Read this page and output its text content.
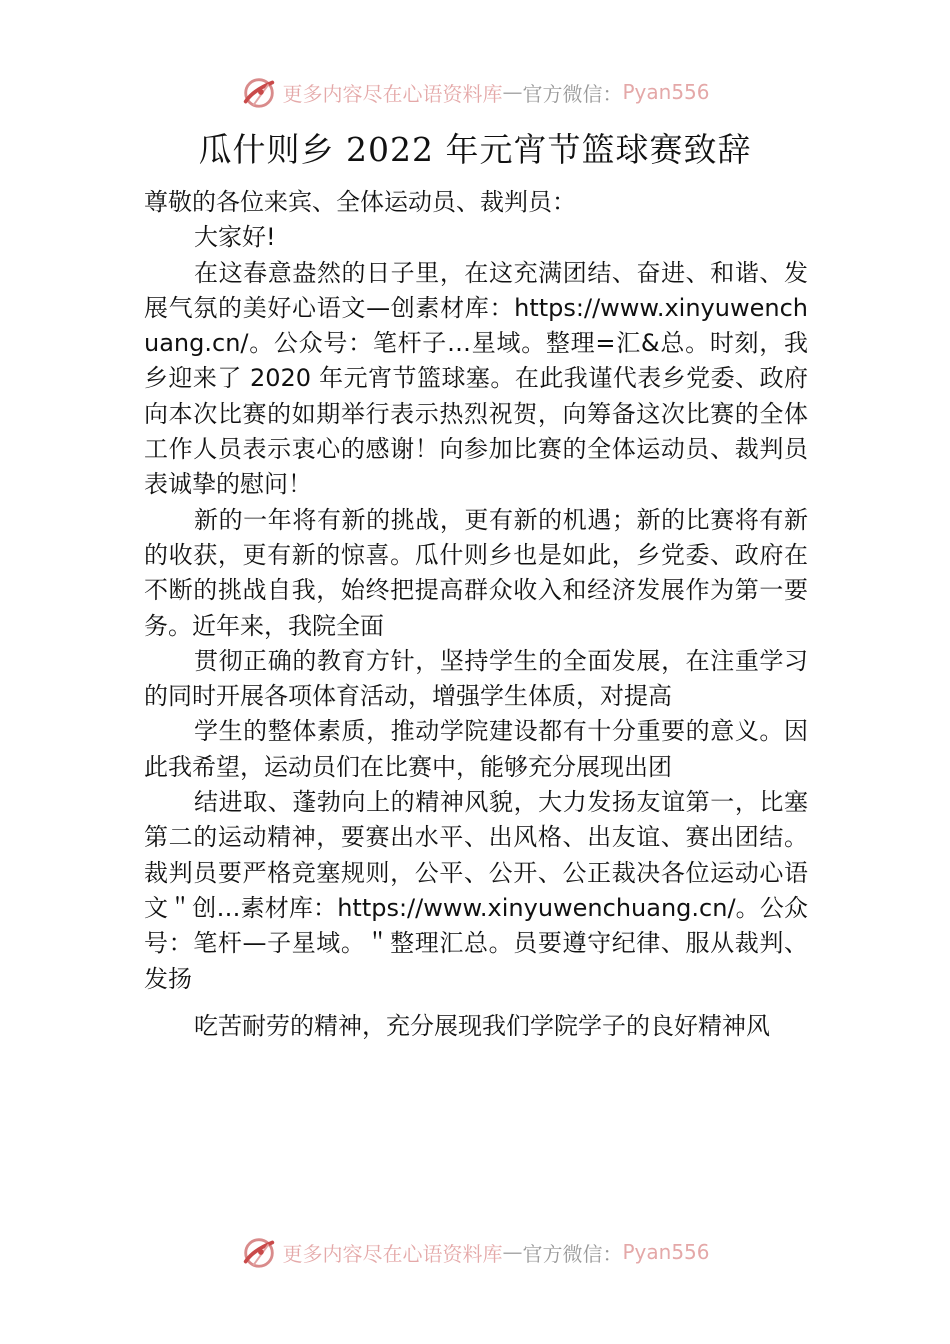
更多内容尽在心语资料库 — 官方微信： Pyan556
瓜什则乡 2022 年元宵节篮球赛致辞

尊敬的各位来宾、全体运动员、裁判员：

大家好!

在这春意盎然的日子里，在这充满团结、奋进、和谐、发展气氛的美好心语文—创素材库：https://www.xinyuwenchuang.cn/。公众号：笔杆子…星域。整理=汇&总。时刻，我乡迎来了 2020 年元宵节篮球塞。在此我谨代表乡党委、政府向本次比赛的如期举行表示热烈祝贺，向筹备这次比赛的全体工作人员表示衷心的感谢！向参加比赛的全体运动员、裁判员表诚挚的慰问！

新的一年将有新的挑战，更有新的机遇；新的比赛将有新的收获，更有新的惊喜。瓜什则乡也是如此，乡党委、政府在不断的挑战自我，始终把提高群众收入和经济发展作为第一要务。近年来，我院全面

贯彻正确的教育方针，坚持学生的全面发展，在注重学习的同时开展各项体育活动，增强学生体质，对提高

学生的整体素质，推动学院建设都有十分重要的意义。因此我希望，运动员们在比赛中，能够充分展现出团

结进取、蓬勃向上的精神风貌，大力发扬友谊第一，比塞第二的运动精神，要赛出水平、出风格、出友谊、赛出团结。裁判员要严格竞塞规则，公平、公开、公正裁决各位运动心语文＂创…素材库：https://www.xinyuwenchuang.cn/。公众号：笔杆—子星域。＂整理汇总。员要遵守纪律、服从裁判、发扬

吃苦耐劳的精神，充分展现我们学院学子的良好精神风

更多内容尽在心语资料库 — 官方微信： Pyan556
